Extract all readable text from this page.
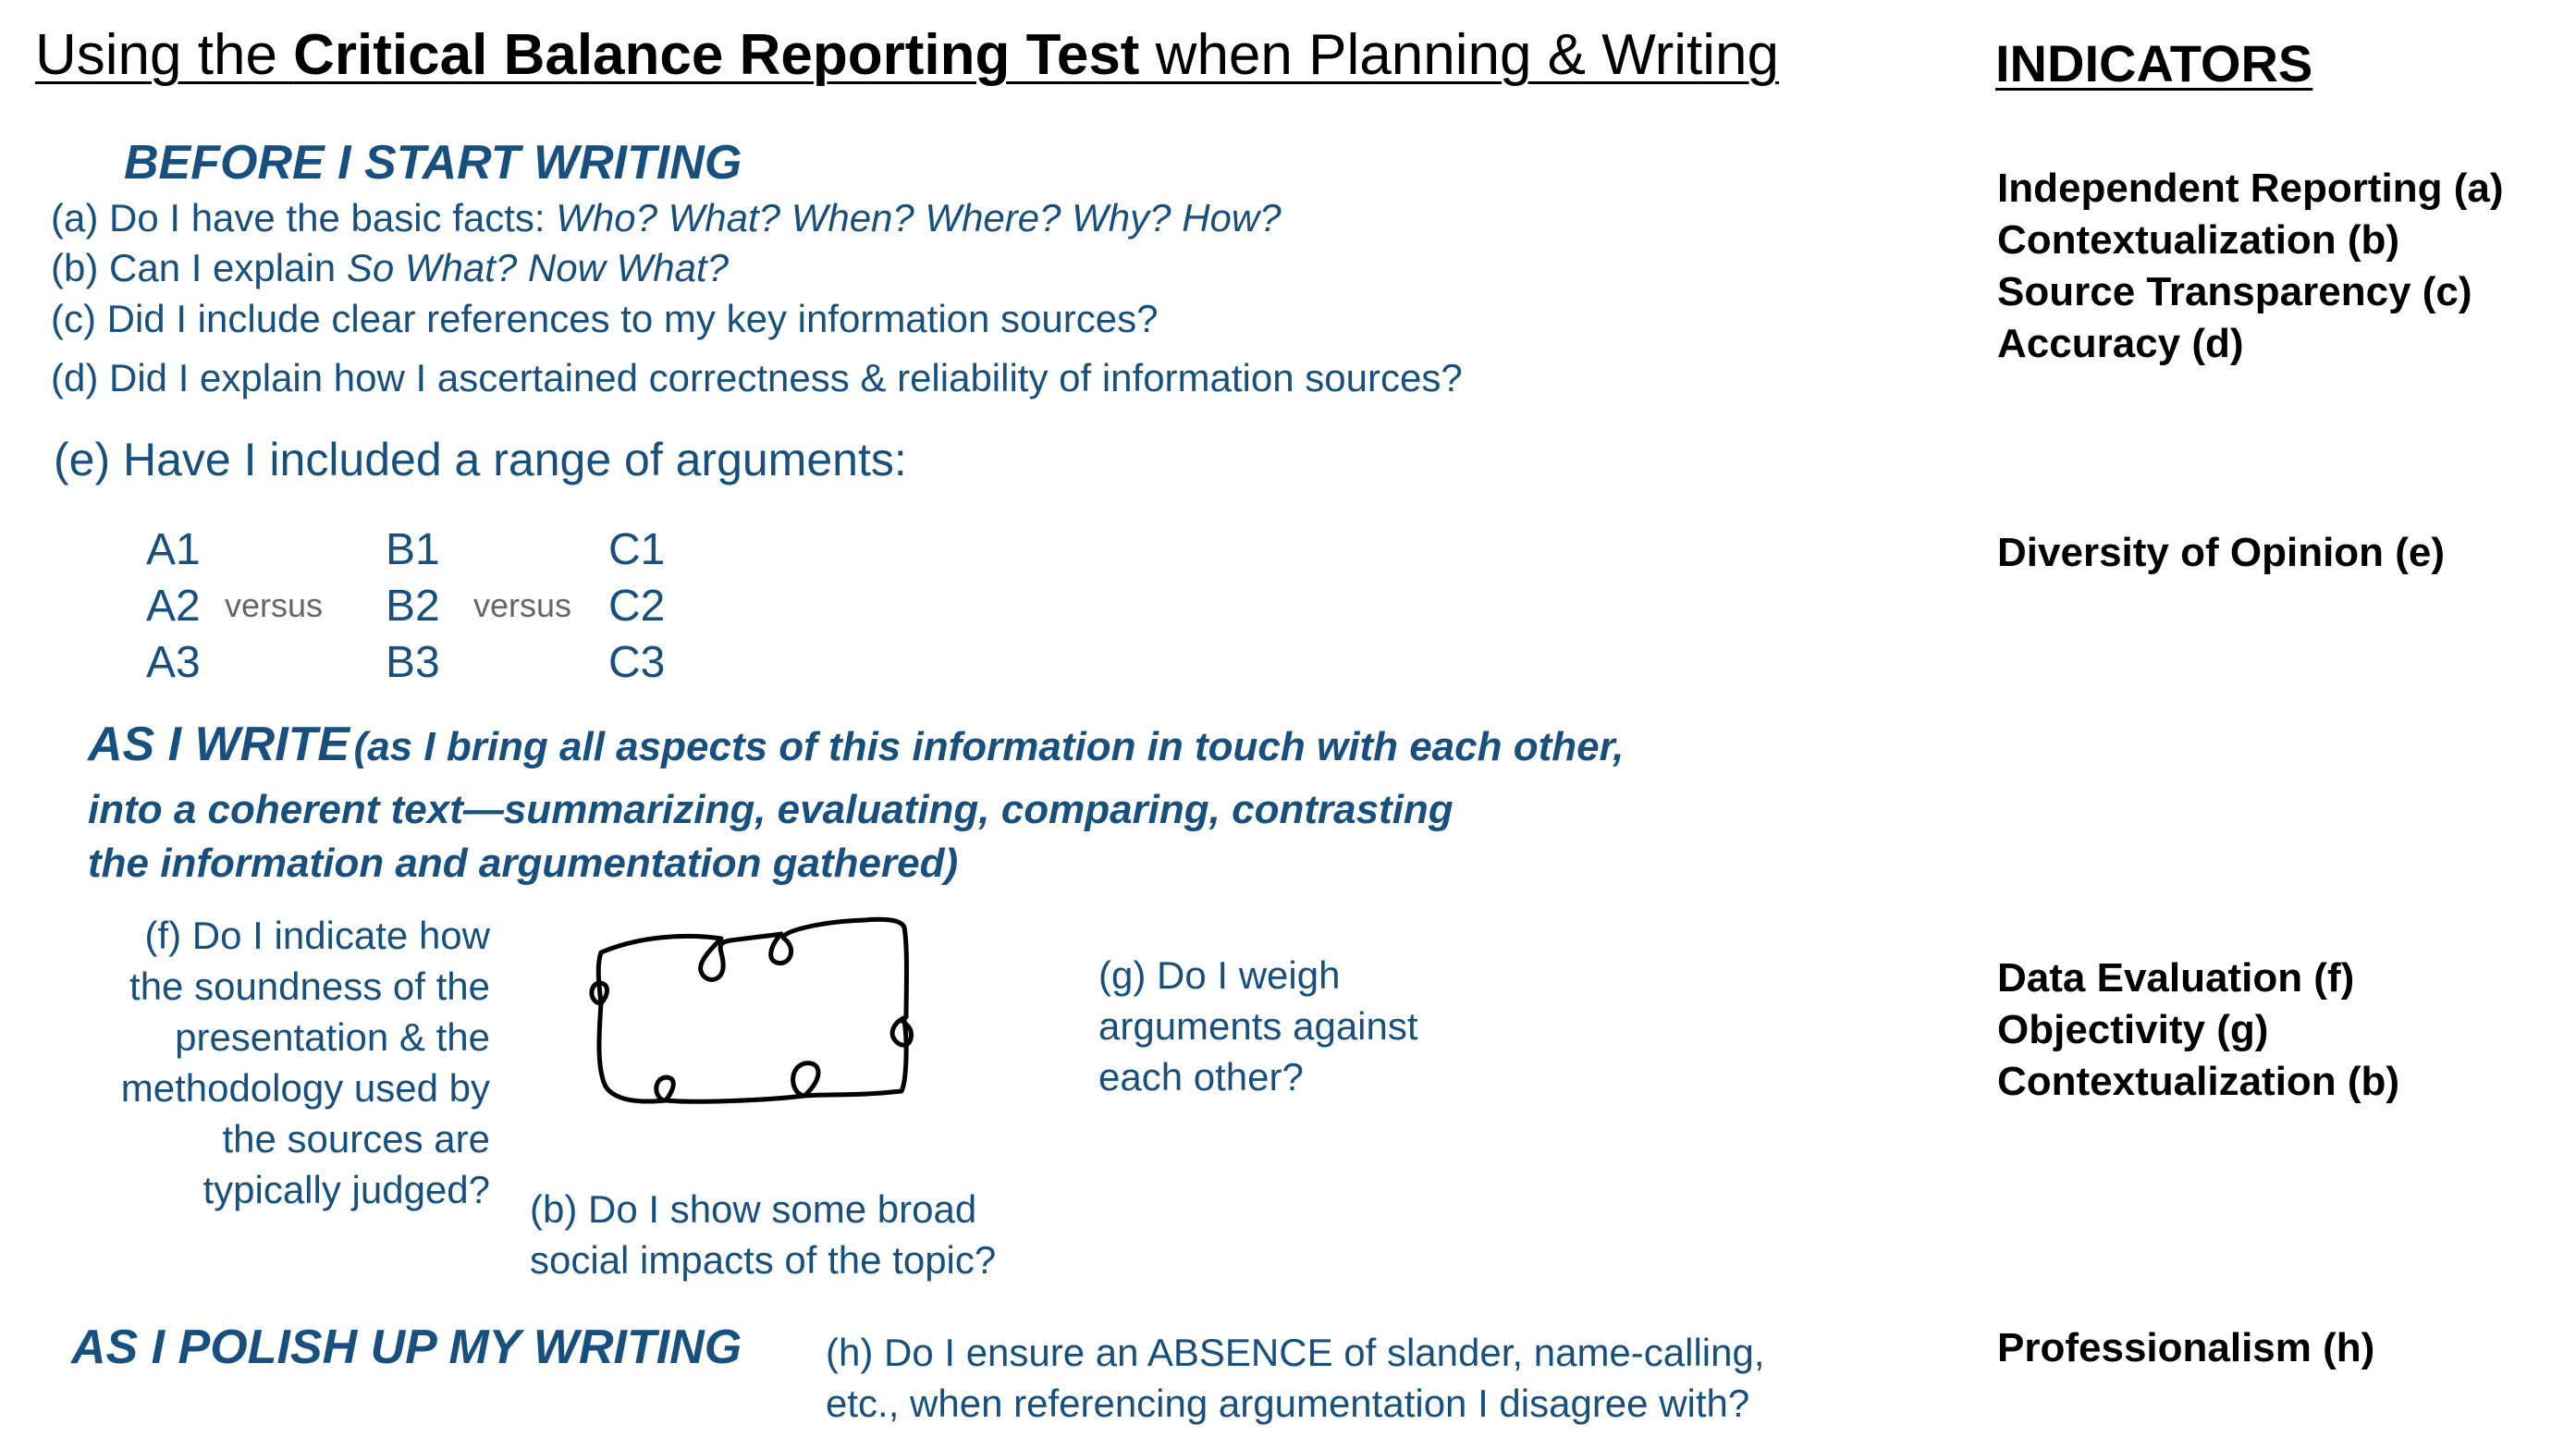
Using the Critical Balance Reporting Test when Planning & Writing	INDICATORS
Independent Reporting (a)
Contextualization (b)
Source Transparency (c)
Accuracy (d)
Diversity of Opinion (e)
Data Evaluation (f)
Objectivity (g)
Contextualization (b)
Professionalism (h)
BEFORE I START WRITING
(a) Do I have the basic facts: Who? What? When? Where? Why? How?
(b) Can I explain So What? Now What?
(c) Did I include clear references to my key information sources?
(d) Did I explain how I ascertained correctness & reliability of information sources?
(e) Have I included a range of arguments:
A1
A2
A3
versus
B1
B2
B3
versus
C1
C2
C3
AS I WRITE (as I bring all aspects of this information in touch with each other,
into a coherent text—summarizing, evaluating, comparing, contrasting
the information and argumentation gathered)
(f) Do I indicate how
the soundness of the
presentation & the
methodology used by
the sources are
typically judged?
(g) Do I weigh
arguments against
each other?
(b) Do I show some broad
social impacts of the topic?
AS I POLISH UP MY WRITING (h) Do I ensure an ABSENCE of slander, name-calling,
etc., when referencing argumentation I disagree with?
